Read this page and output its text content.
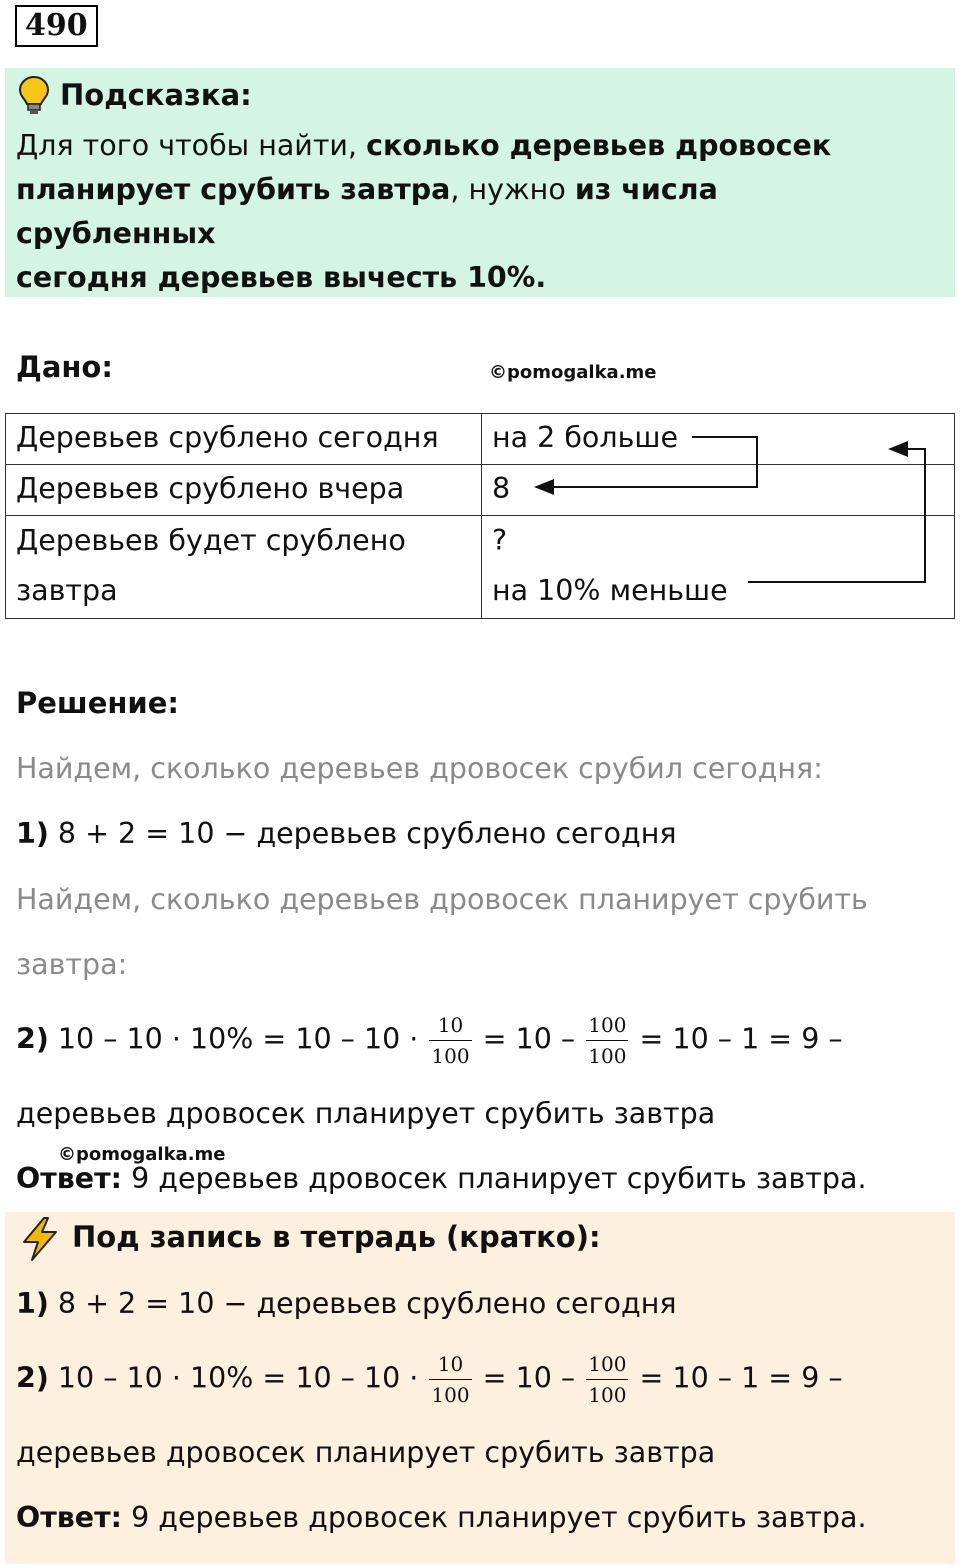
490
Подсказка:
Для того чтобы найти, сколько деревьев дровосек
планирует срубить завтра, нужно из числа срубленных
сегодня деревьев вычесть 10%.
Дано:	©pomogalka.me
Деревьев срублено сегодня	на 2 больше
Деревьев срублено вчера	8
Деревьев будет срублено
завтра	?
на 10% меньше
Решение:
Найдем, сколько деревьев дровосек срубил сегодня:
1) 8 + 2 = 10 − деревьев срублено сегодня
Найдем, сколько деревьев дровосек планирует срубить
завтра:
2) $10 - 10 \cdot 10\% = 10 - 10 \cdot \frac{10}{100} = 10 - \frac{100}{100} = 10 - 1 = 9$ –
деревьев дровосек планирует срубить завтра
©pomogalka.me
Ответ: 9 деревьев дровосек планирует срубить завтра.
Под запись в тетрадь (кратко):
1) 8 + 2 = 10 − деревьев срублено сегодня
2) $10 - 10 \cdot 10\% = 10 - 10 \cdot \frac{10}{100} = 10 - \frac{100}{100} = 10 - 1 = 9$ –
деревьев дровосек планирует срубить завтра
Ответ: 9 деревьев дровосек планирует срубить завтра.
